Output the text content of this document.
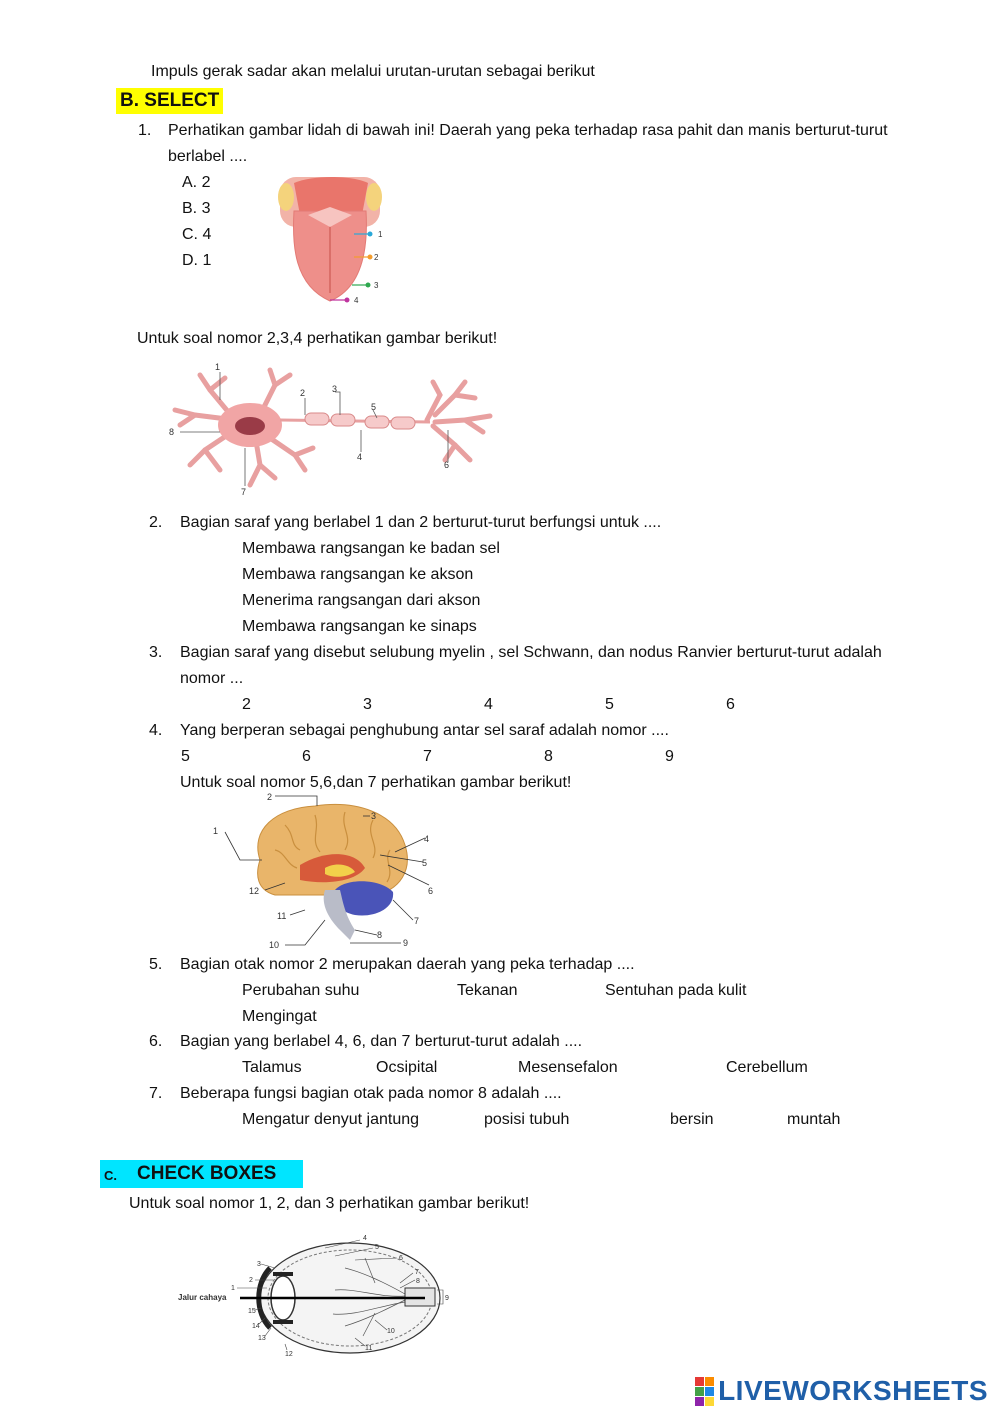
Impuls gerak sadar akan melalui urutan-urutan sebagai berikut
B. SELECT
1. Perhatikan gambar lidah di bawah ini! Daerah yang peka terhadap rasa pahit dan manis berturut-turut
berlabel ....
A. 2
B. 3
C. 4
D. 1
1
2
3
4
Untuk soal nomor 2,3,4 perhatikan gambar berikut!
1
2	3
5
8
4
6
7
2. Bagian saraf yang berlabel 1 dan 2 berturut-turut berfungsi untuk ....
Membawa rangsangan ke badan sel
Membawa rangsangan ke akson
Menerima rangsangan dari akson
Membawa rangsangan ke sinaps
3. Bagian saraf yang disebut selubung myelin , sel Schwann, dan nodus Ranvier berturut-turut adalah
nomor ...
2	3	4	5	6
4. Yang berperan sebagai penghubung antar sel saraf adalah nomor ....
5	6	7	8	9
Untuk soal nomor 5,6,dan 7 perhatikan gambar berikut!
2
3
1
4
5
6
12
11	7
8
10	9
5. Bagian otak nomor 2 merupakan daerah yang peka terhadap ....
Perubahan suhu	Tekanan	Sentuhan pada kulit
Mengingat
6. Bagian yang berlabel 4, 6, dan 7 berturut-turut adalah ....
Talamus	Ocsipital	Mesensefalon	Cerebellum
7. Beberapa fungsi bagian otak pada nomor 8 adalah ....
Mengatur denyut jantung	posisi tubuh	bersin	muntah
C. CHECK BOXES
Untuk soal nomor 1, 2, dan 3 perhatikan gambar berikut!
Jalur cahaya
4
5
6
3
2
1
7
8
9
15
14
13
10
11
12
LIVEWORKSHEETS
